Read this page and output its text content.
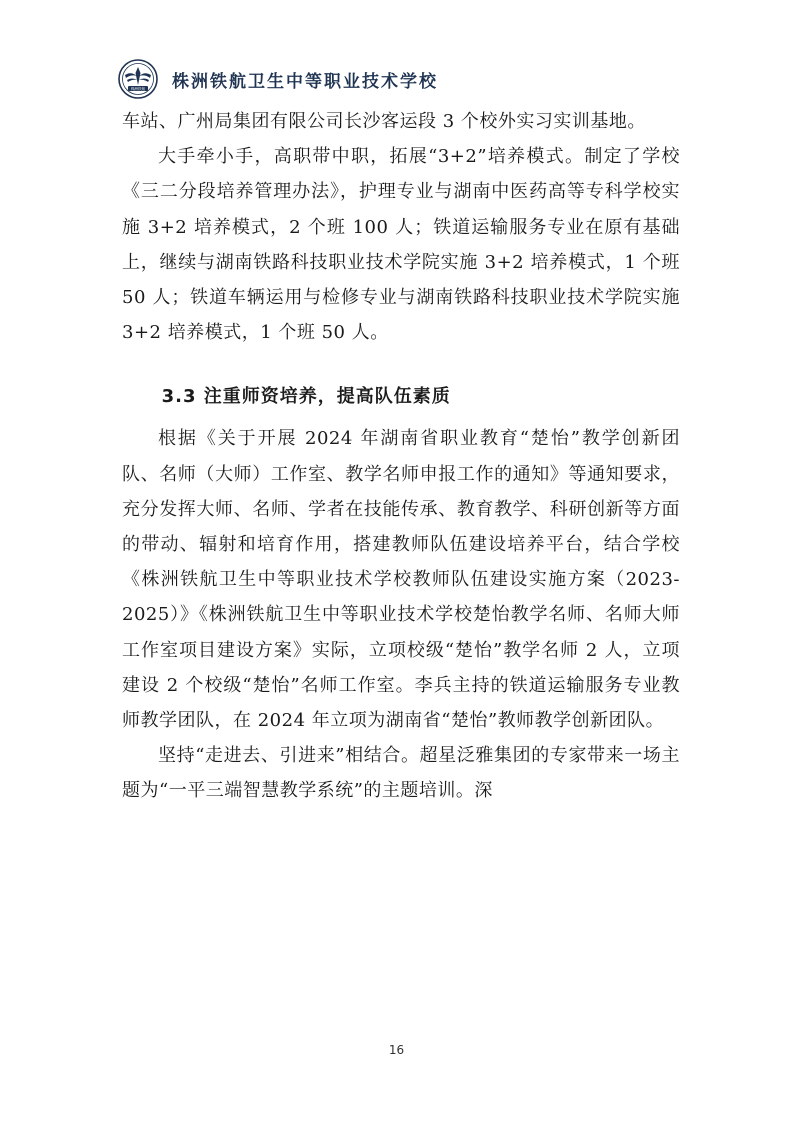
株洲铁航 株洲铁航卫生中等职业技术学校

车站、广州局集团有限公司长沙客运段 3 个校外实习实训基地。

大手牵小手，高职带中职，拓展“3+2”培养模式。制定了学校《三二分段培养管理办法》，护理专业与湖南中医药高等专科学校实施 3+2 培养模式，2 个班 100 人；铁道运输服务专业在原有基础上，继续与湖南铁路科技职业技术学院实施 3+2 培养模式，1 个班 50 人；铁道车辆运用与检修专业与湖南铁路科技职业技术学院实施 3+2 培养模式，1 个班 50 人。

3.3 注重师资培养，提高队伍素质

根据《关于开展 2024 年湖南省职业教育“楚怡”教学创新团队、名师（大师）工作室、教学名师申报工作的通知》等通知要求，充分发挥大师、名师、学者在技能传承、教育教学、科研创新等方面的带动、辐射和培育作用，搭建教师队伍建设培养平台，结合学校《株洲铁航卫生中等职业技术学校教师队伍建设实施方案（2023-2025）》《株洲铁航卫生中等职业技术学校楚怡教学名师、名师大师工作室项目建设方案》实际，立项校级“楚怡”教学名师 2 人，立项建设 2 个校级“楚怡”名师工作室。李兵主持的铁道运输服务专业教师教学团队，在 2024 年立项为湖南省“楚怡”教师教学创新团队。

坚持“走进去、引进来”相结合。超星泛雅集团的专家带来一场主题为“一平三端智慧教学系统”的主题培训。深

16
